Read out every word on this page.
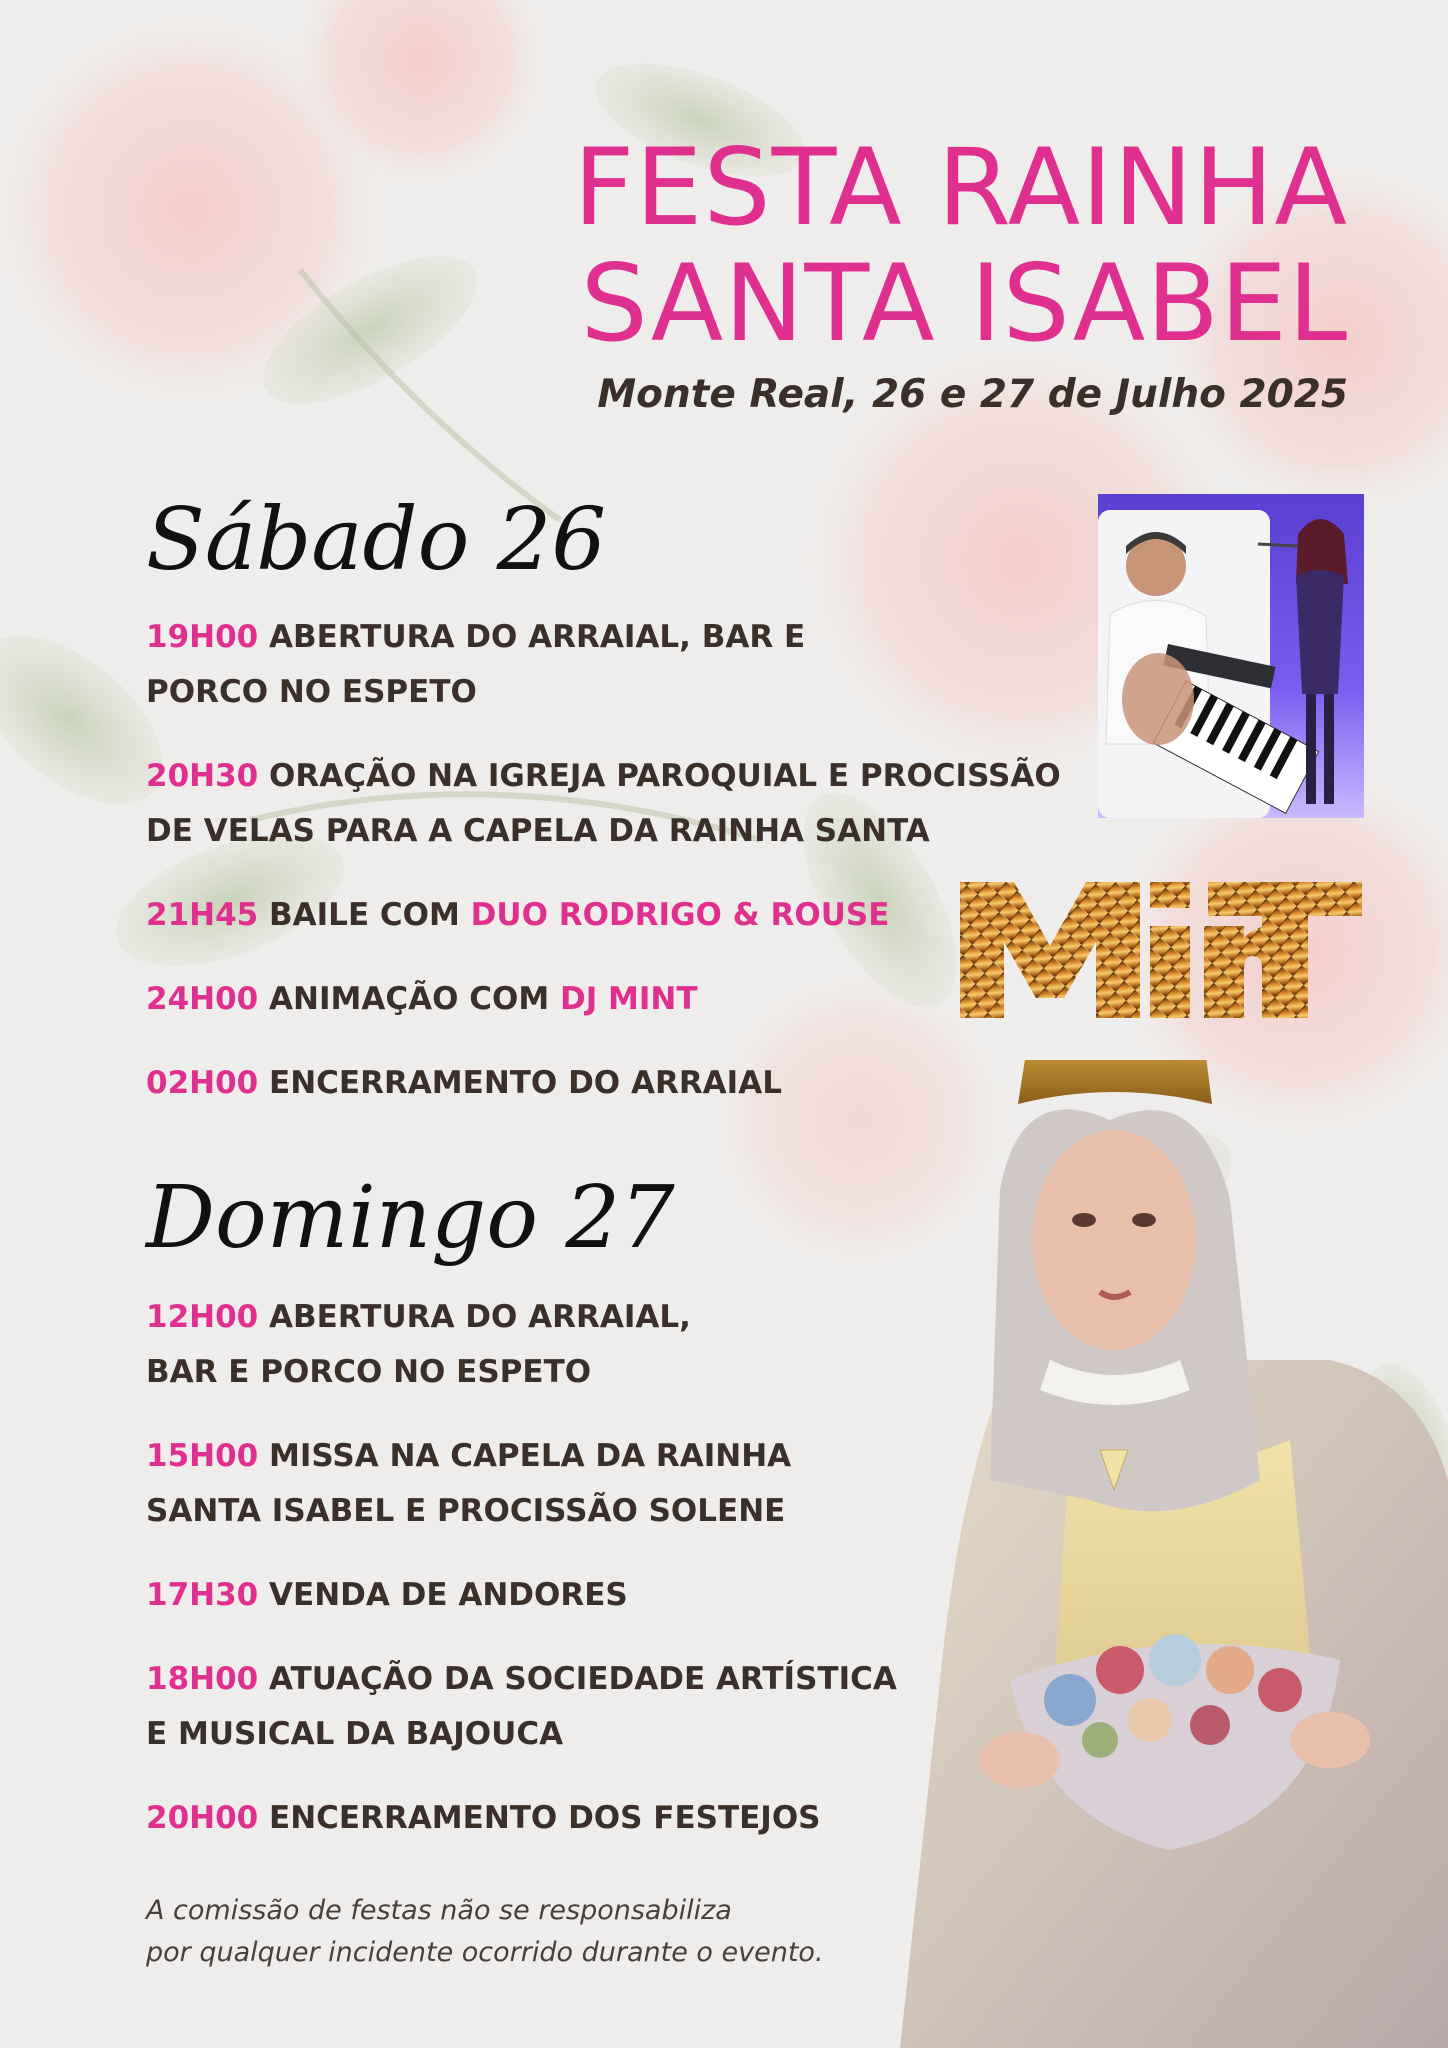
FESTA RAINHA
SANTA ISABEL
Monte Real, 26 e 27 de Julho 2025
Sábado 26

19H00 ABERTURA DO ARRAIAL, BAR E
PORCO NO ESPETO

20H30 ORAÇÃO NA IGREJA PAROQUIAL E PROCISSÃO
DE VELAS PARA A CAPELA DA RAINHA SANTA

21H45 BAILE COM DUO RODRIGO & ROUSE

24H00 ANIMAÇÃO COM DJ MINT

02H00 ENCERRAMENTO DO ARRAIAL

Domingo 27

12H00 ABERTURA DO ARRAIAL,
BAR E PORCO NO ESPETO

15H00 MISSA NA CAPELA DA RAINHA
SANTA ISABEL E PROCISSÃO SOLENE

17H30 VENDA DE ANDORES

18H00 ATUAÇÃO DA SOCIEDADE ARTÍSTICA
E MUSICAL DA BAJOUCA

20H00 ENCERRAMENTO DOS FESTEJOS

A comissão de festas não se responsabiliza
por qualquer incidente ocorrido durante o evento.
